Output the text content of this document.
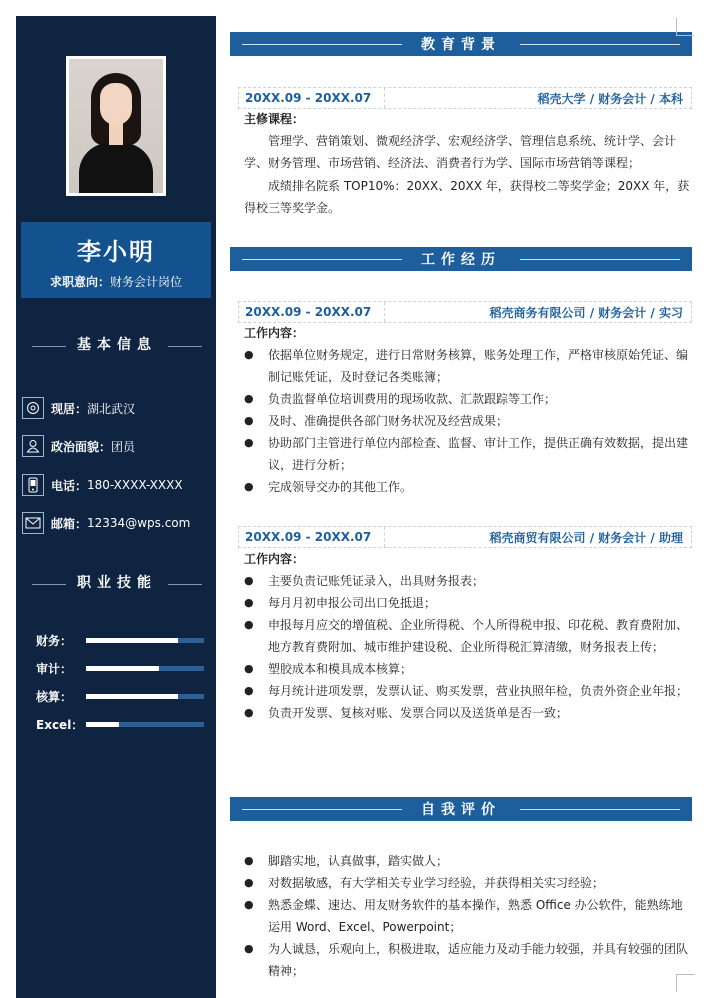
李小明
求职意向：财务会计岗位
基本信息
现居： 湖北武汉
政治面貌： 团员
电话： 180-XXXX-XXXX
邮箱： 12334@wps.com
职业技能
财务：
审计：
核算：
Excel：
教育背景
20XX.09 - 20XX.07	稻壳大学 / 财务会计 / 本科
主修课程：
管理学、营销策划、微观经济学、宏观经济学、管理信息系统、统计学、会计学、财务管理、市场营销、经济法、消费者行为学、国际市场营销等课程；
成绩排名院系 TOP10%：20XX、20XX 年，获得校二等奖学金；20XX 年，获得校三等奖学金。
工作经历
20XX.09 - 20XX.07	稻壳商务有限公司 / 财务会计 / 实习
工作内容：
● 依据单位财务规定，进行日常财务核算，账务处理工作，严格审核原始凭证、编制记账凭证，及时登记各类账簿；
● 负责监督单位培训费用的现场收款、汇款跟踪等工作；
● 及时、准确提供各部门财务状况及经营成果；
● 协助部门主管进行单位内部检查、监督、审计工作，提供正确有效数据，提出建议，进行分析；
● 完成领导交办的其他工作。
20XX.09 - 20XX.07	稻壳商贸有限公司 / 财务会计 / 助理
工作内容：
● 主要负责记账凭证录入，出具财务报表；
● 每月月初申报公司出口免抵退；
● 申报每月应交的增值税、企业所得税、个人所得税申报、印花税、教育费附加、地方教育费附加、城市维护建设税、企业所得税汇算清缴，财务报表上传；
● 塑胶成本和模具成本核算；
● 每月统计进项发票，发票认证、购买发票，营业执照年检，负责外资企业年报；
● 负责开发票、复核对账、发票合同以及送货单是否一致；
自我评价
● 脚踏实地，认真做事，踏实做人；
● 对数据敏感，有大学相关专业学习经验，并获得相关实习经验；
● 熟悉金蝶、速达、用友财务软件的基本操作，熟悉 Office 办公软件，能熟练地运用 Word、Excel、Powerpoint；
● 为人诚恳，乐观向上，积极进取，适应能力及动手能力较强，并具有较强的团队精神；
